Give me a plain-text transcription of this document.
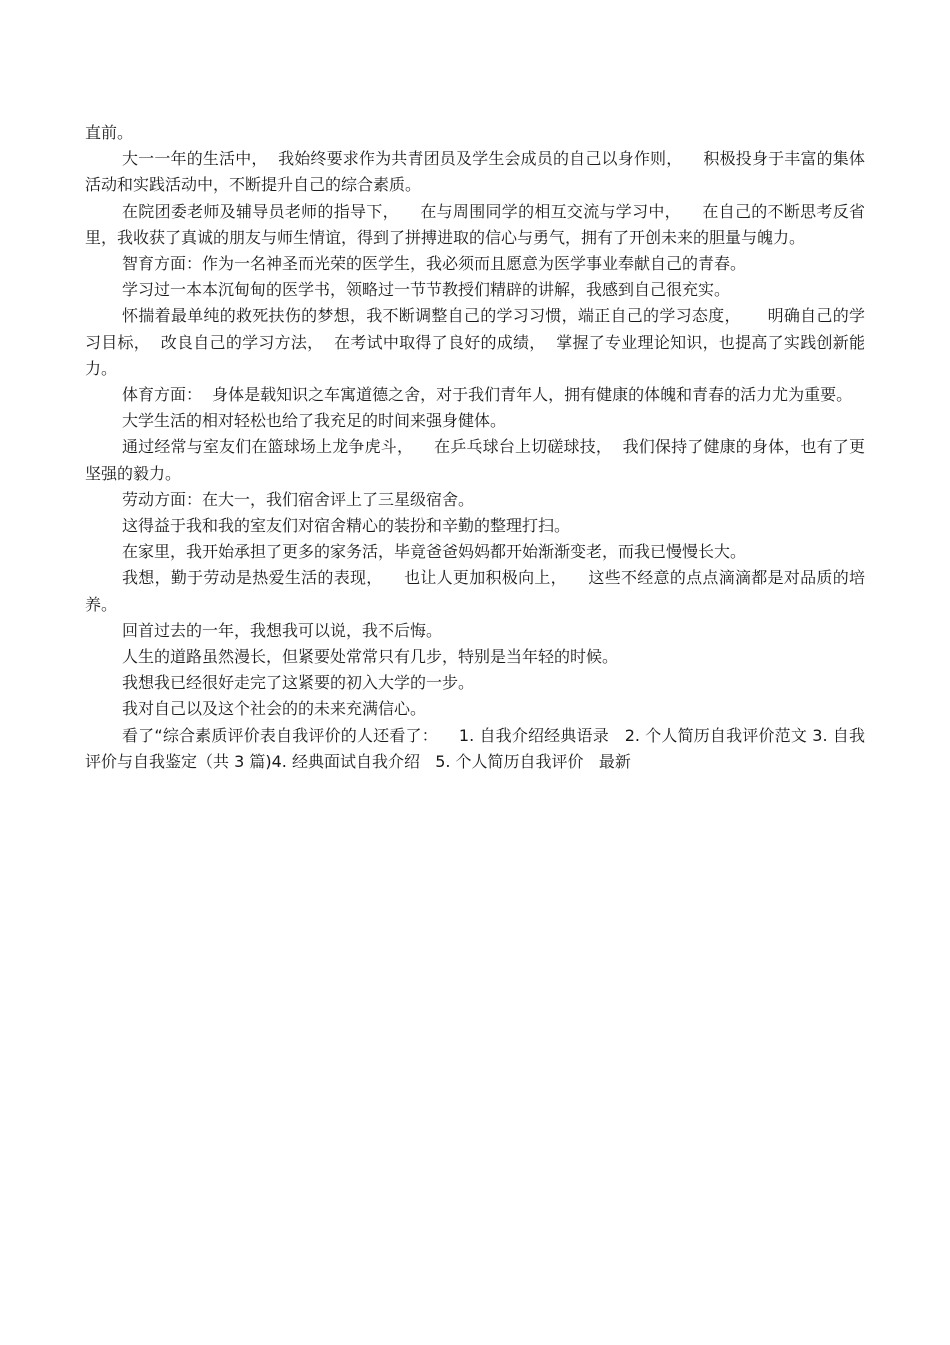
直前。

大一一年的生活中，  我始终要求作为共青团员及学生会成员的自己以身作则，    积极投身于丰富的集体活动和实践活动中，不断提升自己的综合素质。

在院团委老师及辅导员老师的指导下，    在与周围同学的相互交流与学习中，    在自己的不断思考反省里，我收获了真诚的朋友与师生情谊，得到了拼搏进取的信心与勇气，拥有了开创未来的胆量与魄力。

智育方面：作为一名神圣而光荣的医学生，我必须而且愿意为医学事业奉献自己的青春。

学习过一本本沉甸甸的医学书，领略过一节节教授们精辟的讲解，我感到自己很充实。

怀揣着最单纯的救死扶伤的梦想，我不断调整自己的学习习惯，端正自己的学习态度，     明确自己的学习目标，  改良自己的学习方法，  在考试中取得了良好的成绩，  掌握了专业理论知识，也提高了实践创新能力。

体育方面：  身体是载知识之车寓道德之舍，对于我们青年人，拥有健康的体魄和青春的活力尤为重要。

大学生活的相对轻松也给了我充足的时间来强身健体。

通过经常与室友们在篮球场上龙争虎斗，    在乒乓球台上切磋球技，  我们保持了健康的身体，也有了更坚强的毅力。

劳动方面：在大一，我们宿舍评上了三星级宿舍。

这得益于我和我的室友们对宿舍精心的装扮和辛勤的整理打扫。

在家里，我开始承担了更多的家务活，毕竟爸爸妈妈都开始渐渐变老，而我已慢慢长大。

我想，勤于劳动是热爱生活的表现，    也让人更加积极向上，    这些不经意的点点滴滴都是对品质的培养。

回首过去的一年，我想我可以说，我不后悔。

人生的道路虽然漫长，但紧要处常常只有几步，特别是当年轻的时候。

我想我已经很好走完了这紧要的初入大学的一步。

我对自己以及这个社会的的未来充满信心。

看了“综合素质评价表自我评价的人还看了：    1. 自我介绍经典语录   2. 个人简历自我评价范文 3. 自我评价与自我鉴定（共 3 篇)4. 经典面试自我介绍   5. 个人简历自我评价   最新
